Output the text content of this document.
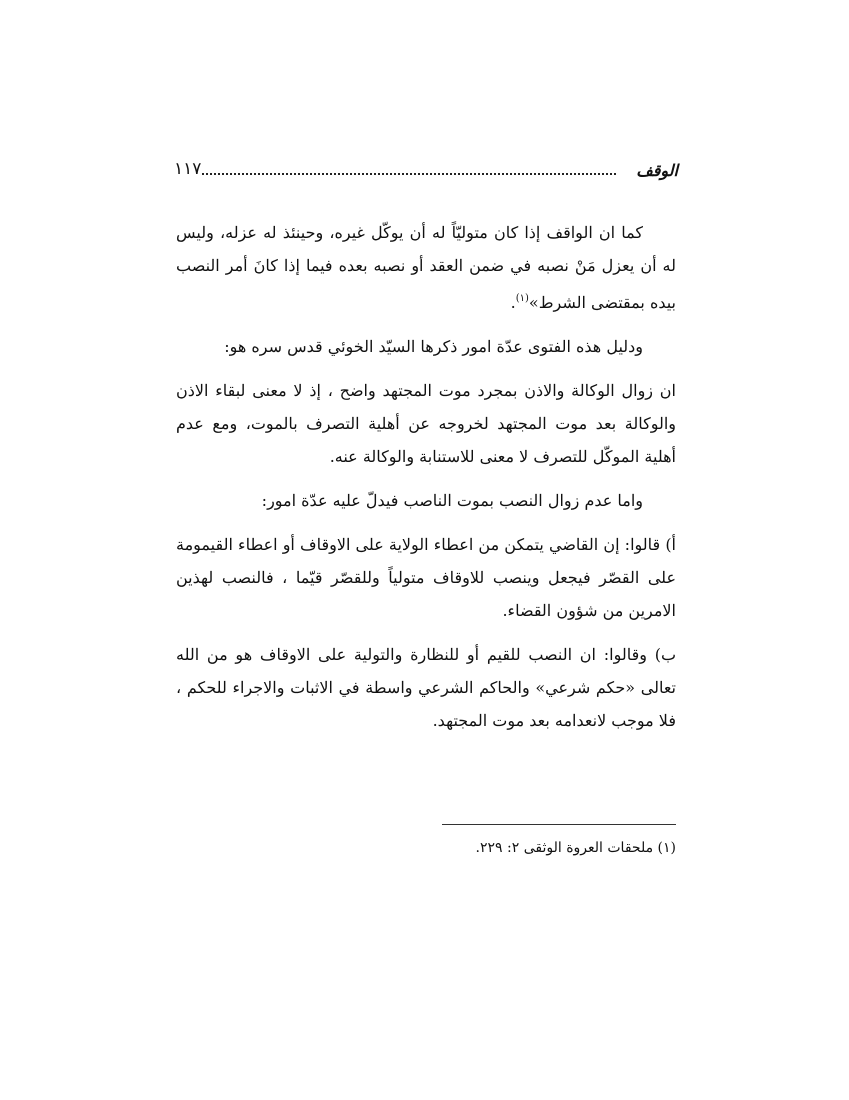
١١٧	الوقف

كما ان الواقف إذا كان متوليّاً له أن يوكّل غيره، وحينئذ له عزله، وليس له أن يعزل مَنْ نصبه في ضمن العقد أو نصبه بعده فيما إذا كانَ أمر النصب بيده بمقتضى الشرط»$^{(١)}$.

ودليل هذه الفتوى عدّة امور ذكرها السيّد الخوئي قدس سره هو:

ان زوال الوكالة والاذن بمجرد موت المجتهد واضح ، إذ لا معنى لبقاء الاذن والوكالة بعد موت المجتهد لخروجه عن أهلية التصرف بالموت، ومع عدم أهلية الموكّل للتصرف لا معنى للاستنابة والوكالة عنه.

واما عدم زوال النصب بموت الناصب فيدلّ عليه عدّة امور:

أ) قالوا: إن القاضي يتمكن من اعطاء الولاية على الاوقاف أو اعطاء القيمومة على القصّر فيجعل وينصب للاوقاف متولياً وللقصّر قيّما ، فالنصب لهذين الامرين من شؤون القضاء.

ب) وقالوا: ان النصب للقيم أو للنظارة والتولية على الاوقاف هو من الله تعالى «حكم شرعي» والحاكم الشرعي واسطة في الاثبات والاجراء للحكم ، فلا موجب لانعدامه بعد موت المجتهد.

(١) ملحقات العروة الوثقى ٢: ٢٢٩.
